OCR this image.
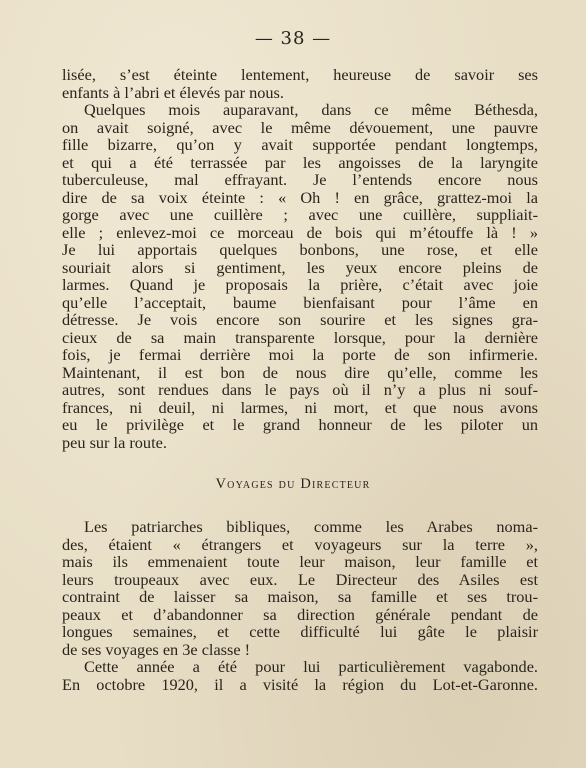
— 38 —
lisée, s’est éteinte lentement, heureuse de savoir ses
enfants à l’abri et élevés par nous.
Quelques mois auparavant, dans ce même Béthesda,
on avait soigné, avec le même dévouement, une pauvre
fille bizarre, qu’on y avait supportée pendant longtemps,
et qui a été terrassée par les angoisses de la laryngite
tuberculeuse, mal effrayant. Je l’entends encore nous
dire de sa voix éteinte : « Oh ! en grâce, grattez-moi la
gorge avec une cuillère ; avec une cuillère, suppliait-
elle ; enlevez-moi ce morceau de bois qui m’étouffe là ! »
Je lui apportais quelques bonbons, une rose, et elle
souriait alors si gentiment, les yeux encore pleins de
larmes. Quand je proposais la prière, c’était avec joie
qu’elle l’acceptait, baume bienfaisant pour l’âme en
détresse. Je vois encore son sourire et les signes gra-
cieux de sa main transparente lorsque, pour la dernière
fois, je fermai derrière moi la porte de son infirmerie.
Maintenant, il est bon de nous dire qu’elle, comme les
autres, sont rendues dans le pays où il n’y a plus ni souf-
frances, ni deuil, ni larmes, ni mort, et que nous avons
eu le privilège et le grand honneur de les piloter un
peu sur la route.
Voyages du Directeur
Les patriarches bibliques, comme les Arabes noma-
des, étaient « étrangers et voyageurs sur la terre »,
mais ils emmenaient toute leur maison, leur famille et
leurs troupeaux avec eux. Le Directeur des Asiles est
contraint de laisser sa maison, sa famille et ses trou-
peaux et d’abandonner sa direction générale pendant de
longues semaines, et cette difficulté lui gâte le plaisir
de ses voyages en 3e classe !
Cette année a été pour lui particulièrement vagabonde.
En octobre 1920, il a visité la région du Lot-et-Garonne.
